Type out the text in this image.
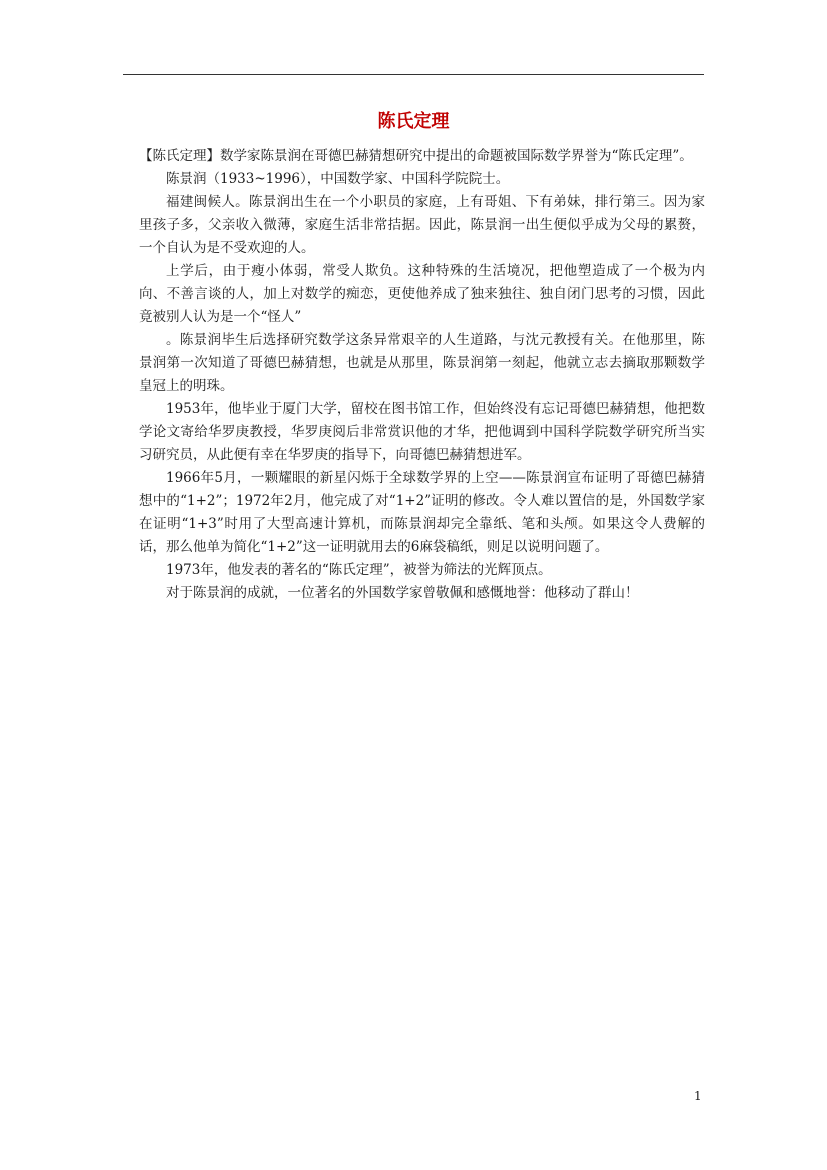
陈氏定理

【陈氏定理】数学家陈景润在哥德巴赫猜想研究中提出的命题被国际数学界誉为“陈氏定理”。

陈景润（1933~1996），中国数学家、中国科学院院士。

福建闽候人。陈景润出生在一个小职员的家庭，上有哥姐、下有弟妹，排行第三。因为家里孩子多，父亲收入微薄，家庭生活非常拮据。因此，陈景润一出生便似乎成为父母的累赘，一个自认为是不受欢迎的人。

上学后，由于瘦小体弱，常受人欺负。这种特殊的生活境况，把他塑造成了一个极为内向、不善言谈的人，加上对数学的痴恋，更使他养成了独来独往、独自闭门思考的习惯，因此竟被别人认为是一个“怪人”

。陈景润毕生后选择研究数学这条异常艰辛的人生道路，与沈元教授有关。在他那里，陈景润第一次知道了哥德巴赫猜想，也就是从那里，陈景润第一刻起，他就立志去摘取那颗数学皇冠上的明珠。

1953年，他毕业于厦门大学，留校在图书馆工作，但始终没有忘记哥德巴赫猜想，他把数学论文寄给华罗庚教授，华罗庚阅后非常赏识他的才华，把他调到中国科学院数学研究所当实习研究员，从此便有幸在华罗庚的指导下，向哥德巴赫猜想进军。

1966年5月，一颗耀眼的新星闪烁于全球数学界的上空——陈景润宣布证明了哥德巴赫猜想中的“1+2”；1972年2月，他完成了对“1+2”证明的修改。令人难以置信的是，外国数学家在证明“1+3”时用了大型高速计算机，而陈景润却完全靠纸、笔和头颅。如果这令人费解的话，那么他单为简化“1+2”这一证明就用去的6麻袋稿纸，则足以说明问题了。

1973年，他发表的著名的“陈氏定理”，被誉为筛法的光辉顶点。

对于陈景润的成就，一位著名的外国数学家曾敬佩和感慨地誉：他移动了群山！

1
